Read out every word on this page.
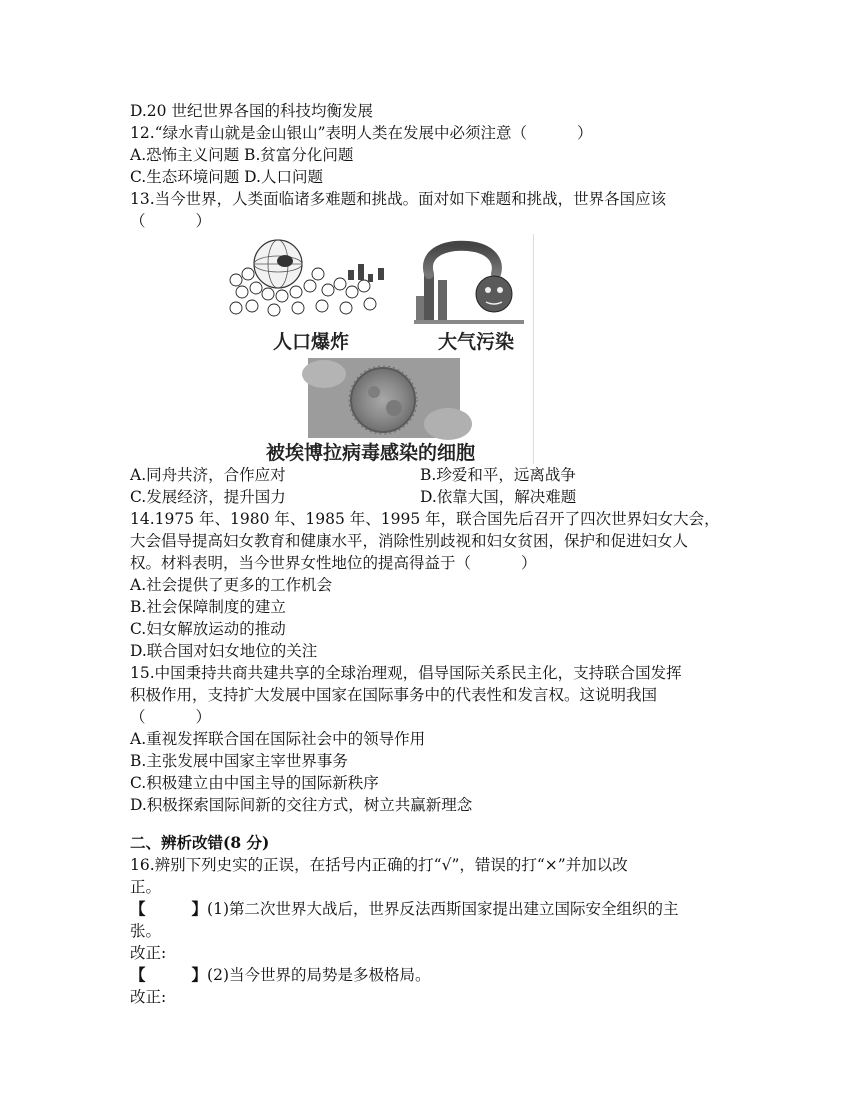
D.20 世纪世界各国的科技均衡发展
12.“绿水青山就是金山银山”表明人类在发展中必须注意（	）
A.恐怖主义问题 B.贫富分化问题
C.生态环境问题 D.人口问题
13.当今世界，人类面临诸多难题和挑战。面对如下难题和挑战，世界各国应该
（	）
人口爆炸	大气污染
被埃博拉病毒感染的细胞
A.同舟共济，合作应对	B.珍爱和平，远离战争
C.发展经济，提升国力	D.依靠大国，解决难题
14.1975 年、1980 年、1985 年、1995 年，联合国先后召开了四次世界妇女大会，
大会倡导提高妇女教育和健康水平，消除性别歧视和妇女贫困，保护和促进妇女人
权。材料表明，当今世界女性地位的提高得益于（	）
A.社会提供了更多的工作机会
B.社会保障制度的建立
C.妇女解放运动的推动
D.联合国对妇女地位的关注
15.中国秉持共商共建共享的全球治理观，倡导国际关系民主化，支持联合国发挥
积极作用，支持扩大发展中国家在国际事务中的代表性和发言权。这说明我国
（	）
A.重视发挥联合国在国际社会中的领导作用
B.主张发展中国家主宰世界事务
C.积极建立由中国主导的国际新秩序
D.积极探索国际间新的交往方式，树立共赢新理念
二、辨析改错(8 分)
16.辨别下列史实的正误，在括号内正确的打“√”，错误的打“×”并加以改
正。
【	】(1)第二次世界大战后，世界反法西斯国家提出建立国际安全组织的主
张。
改正:
【	】(2)当今世界的局势是多极格局。
改正:
